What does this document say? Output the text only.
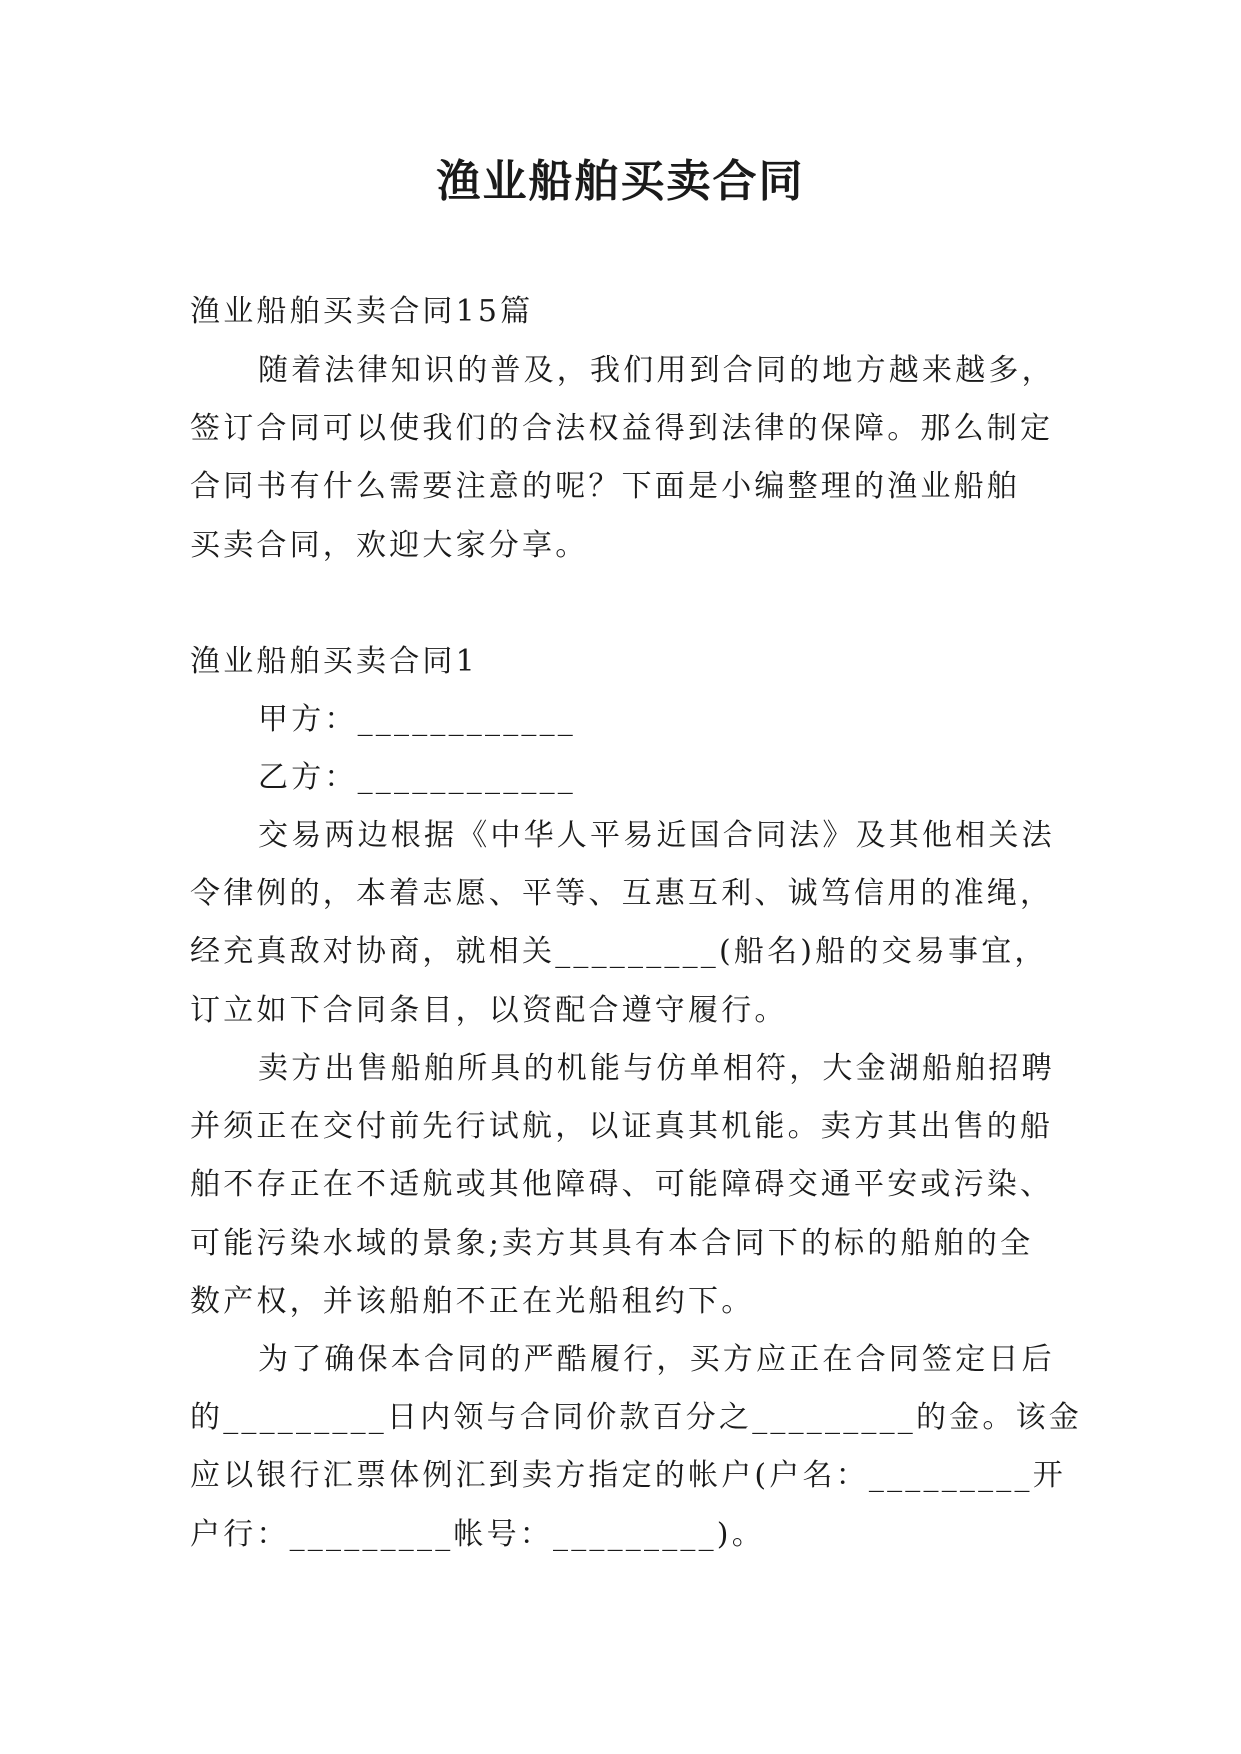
渔业船舶买卖合同

渔业船舶买卖合同15篇

随着法律知识的普及，我们用到合同的地方越来越多，

签订合同可以使我们的合法权益得到法律的保障。那么制定

合同书有什么需要注意的呢？下面是小编整理的渔业船舶

买卖合同，欢迎大家分享。

渔业船舶买卖合同1

甲方：____________

乙方：____________

交易两边根据《中华人平易近国合同法》及其他相关法

令律例的，本着志愿、平等、互惠互利、诚笃信用的准绳，

经充真敌对协商，就相关_________(船名)船的交易事宜，

订立如下合同条目，以资配合遵守履行。

卖方出售船舶所具的机能与仿单相符，大金湖船舶招聘

并须正在交付前先行试航，以证真其机能。卖方其出售的船

舶不存正在不适航或其他障碍、可能障碍交通平安或污染、

可能污染水域的景象;卖方其具有本合同下的标的船舶的全

数产权，并该船舶不正在光船租约下。

为了确保本合同的严酷履行，买方应正在合同签定日后

的_________日内领与合同价款百分之_________的金。该金

应以银行汇票体例汇到卖方指定的帐户(户名：_________开

户行：_________帐号：_________)。
